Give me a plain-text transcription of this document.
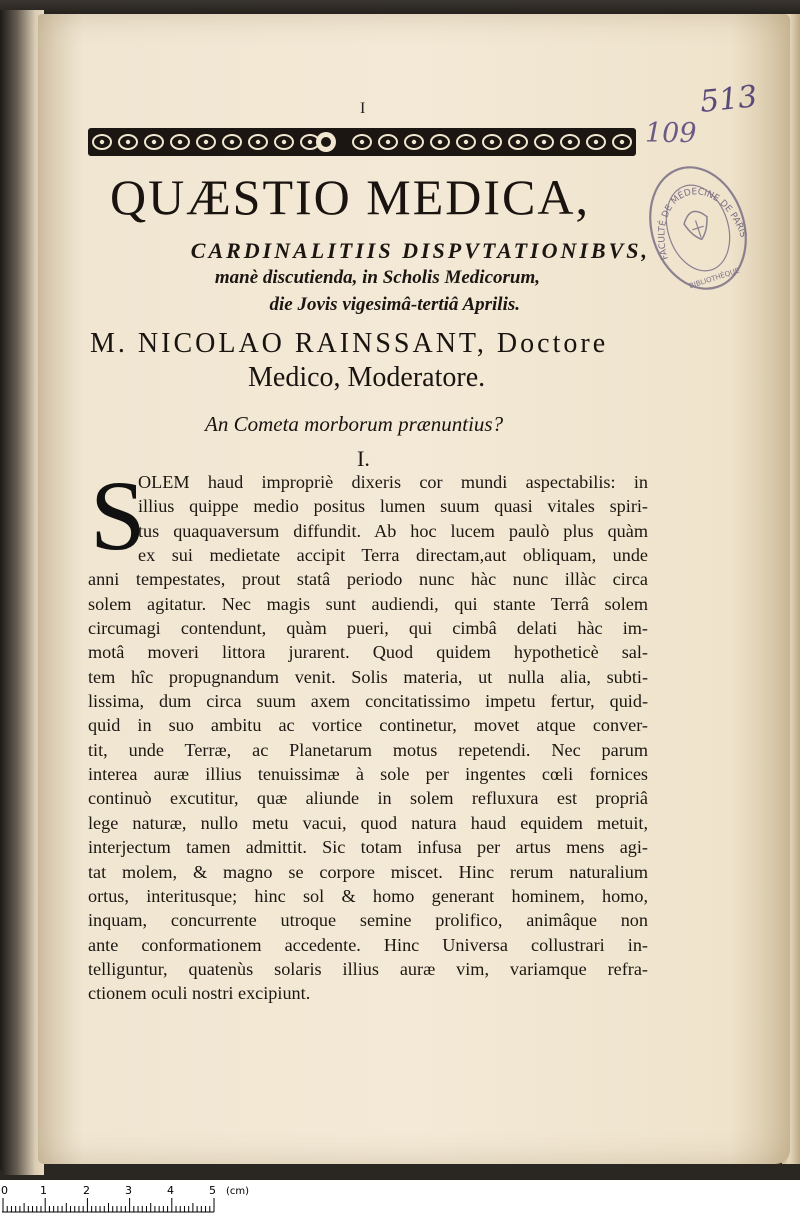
I	513
109
QUÆSTIO MEDICA,
CARDINALITIIS DISPVTATIONIBVS,
manè discutienda, in Scholis Medicorum,
die Jovis vigesimâ-tertiâ Aprilis.
M. NICOLAO RAINSSANT, Doctore
Medico, Moderatore.
An Cometa morborum prænuntius?
I.
S
OLEM haud impropriè dixeris cor mundi aspectabilis: in
illius quippe medio positus lumen suum quasi vitales spiri-
tus quaquaversum diffundit. Ab hoc lucem paulò plus quàm
ex sui medietate accipit Terra directam,aut obliquam, unde
anni tempestates, prout statâ periodo nunc hàc nunc illàc circa
solem agitatur. Nec magis sunt audiendi, qui stante Terrâ solem
circumagi contendunt, quàm pueri, qui cimbâ delati hàc im-
motâ moveri littora jurarent. Quod quidem hypotheticè sal-
tem hîc propugnandum venit. Solis materia, ut nulla alia, subti-
lissima, dum circa suum axem concitatissimo impetu fertur, quid-
quid in suo ambitu ac vortice continetur, movet atque conver-
tit, unde Terræ, ac Planetarum motus repetendi. Nec parum
interea auræ illius tenuissimæ à sole per ingentes cœli fornices
continuò excutitur, quæ aliunde in solem refluxura est propriâ
lege naturæ, nullo metu vacui, quod natura haud equidem metuit,
interjectum tamen admittit. Sic totam infusa per artus mens agi-
tat molem, & magno se corpore miscet. Hinc rerum naturalium
ortus, interitusque; hinc sol & homo generant hominem, homo,
inquam, concurrente utroque semine prolifico, animâque non
ante conformationem accedente. Hinc Universa collustrari in-
telliguntur, quatenùs solaris illius auræ vim, variamque refra-
ctionem oculi nostri excipiunt.
FACULTÉ DE MÉDECINE DE PARIS
BIBLIOTHÈQUE
0	1	2	3	4	5 (cm)
